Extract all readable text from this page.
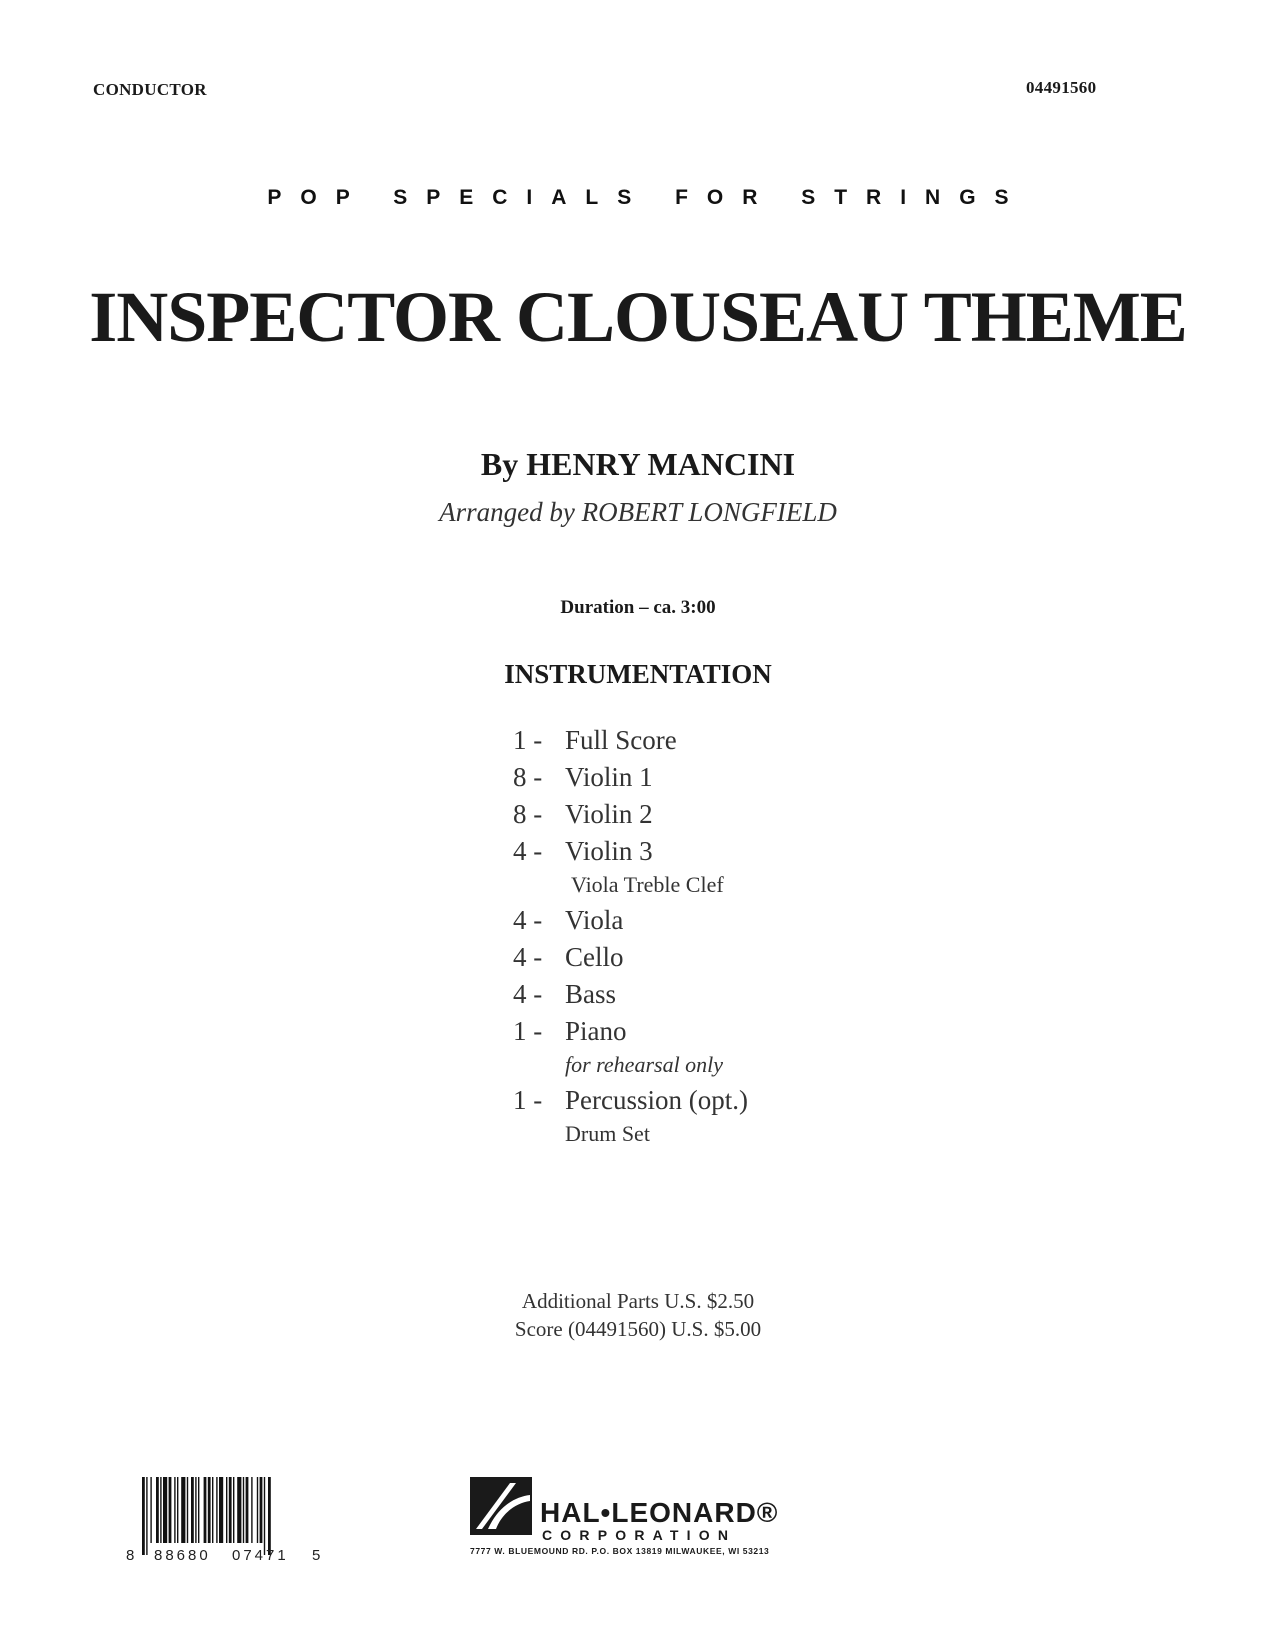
CONDUCTOR	04491560
POP SPECIALS FOR STRINGS
INSPECTOR CLOUSEAU THEME
By HENRY MANCINI
Arranged by ROBERT LONGFIELD
Duration – ca. 3:00
INSTRUMENTATION
1 - Full Score
8 - Violin 1
8 - Violin 2
4 - Violin 3
Viola Treble Clef
4 - Viola
4 - Cello
4 - Bass
1 - Piano
for rehearsal only
1 - Percussion (opt.)
Drum Set
Additional Parts U.S. $2.50
Score (04491560) U.S. $5.00
8 88680 07471 5
HAL•LEONARD®
CORPORATION
7777 W. BLUEMOUND RD. P.O. BOX 13819 MILWAUKEE, WI 53213
